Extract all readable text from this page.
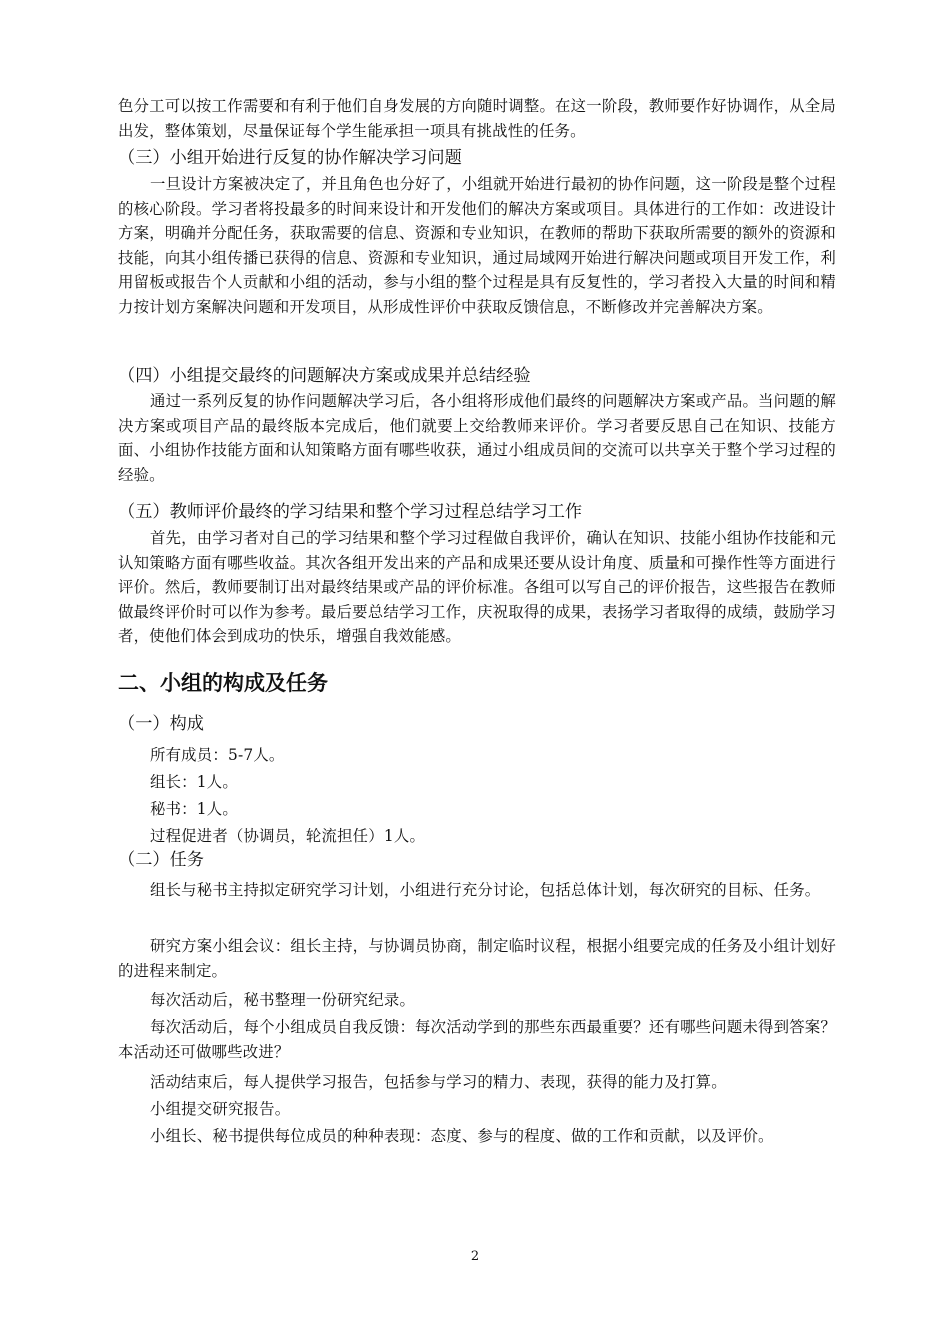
色分工可以按工作需要和有利于他们自身发展的方向随时调整。在这一阶段，教师要作好协调作，从全局出发，整体策划，尽量保证每个学生能承担一项具有挑战性的任务。

（三）小组开始进行反复的协作解决学习问题

一旦设计方案被决定了，并且角色也分好了，小组就开始进行最初的协作问题，这一阶段是整个过程的核心阶段。学习者将投最多的时间来设计和开发他们的解决方案或项目。具体进行的工作如：改进设计方案，明确并分配任务，获取需要的信息、资源和专业知识，在教师的帮助下获取所需要的额外的资源和技能，向其小组传播已获得的信息、资源和专业知识，通过局域网开始进行解决问题或项目开发工作，利用留板或报告个人贡献和小组的活动，参与小组的整个过程是具有反复性的，学习者投入大量的时间和精力按计划方案解决问题和开发项目，从形成性评价中获取反馈信息，不断修改并完善解决方案。

（四）小组提交最终的问题解决方案或成果并总结经验

通过一系列反复的协作问题解决学习后，各小组将形成他们最终的问题解决方案或产品。当问题的解决方案或项目产品的最终版本完成后，他们就要上交给教师来评价。学习者要反思自己在知识、技能方面、小组协作技能方面和认知策略方面有哪些收获，通过小组成员间的交流可以共享关于整个学习过程的经验。

（五）教师评价最终的学习结果和整个学习过程总结学习工作

首先，由学习者对自己的学习结果和整个学习过程做自我评价，确认在知识、技能小组协作技能和元认知策略方面有哪些收益。其次各组开发出来的产品和成果还要从设计角度、质量和可操作性等方面进行评价。然后，教师要制订出对最终结果或产品的评价标准。各组可以写自己的评价报告，这些报告在教师做最终评价时可以作为参考。最后要总结学习工作，庆祝取得的成果，表扬学习者取得的成绩，鼓励学习者，使他们体会到成功的快乐，增强自我效能感。

二、小组的构成及任务

（一）构成

所有成员：5-7人。

组长：1人。

秘书：1人。

过程促进者（协调员，轮流担任）1人。

（二）任务

组长与秘书主持拟定研究学习计划，小组进行充分讨论，包括总体计划，每次研究的目标、任务。

研究方案小组会议：组长主持，与协调员协商，制定临时议程，根据小组要完成的任务及小组计划好的进程来制定。

每次活动后，秘书整理一份研究纪录。

每次活动后，每个小组成员自我反馈：每次活动学到的那些东西最重要？还有哪些问题未得到答案？本活动还可做哪些改进？

活动结束后，每人提供学习报告，包括参与学习的精力、表现，获得的能力及打算。

小组提交研究报告。

小组长、秘书提供每位成员的种种表现：态度、参与的程度、做的工作和贡献，以及评价。

2
